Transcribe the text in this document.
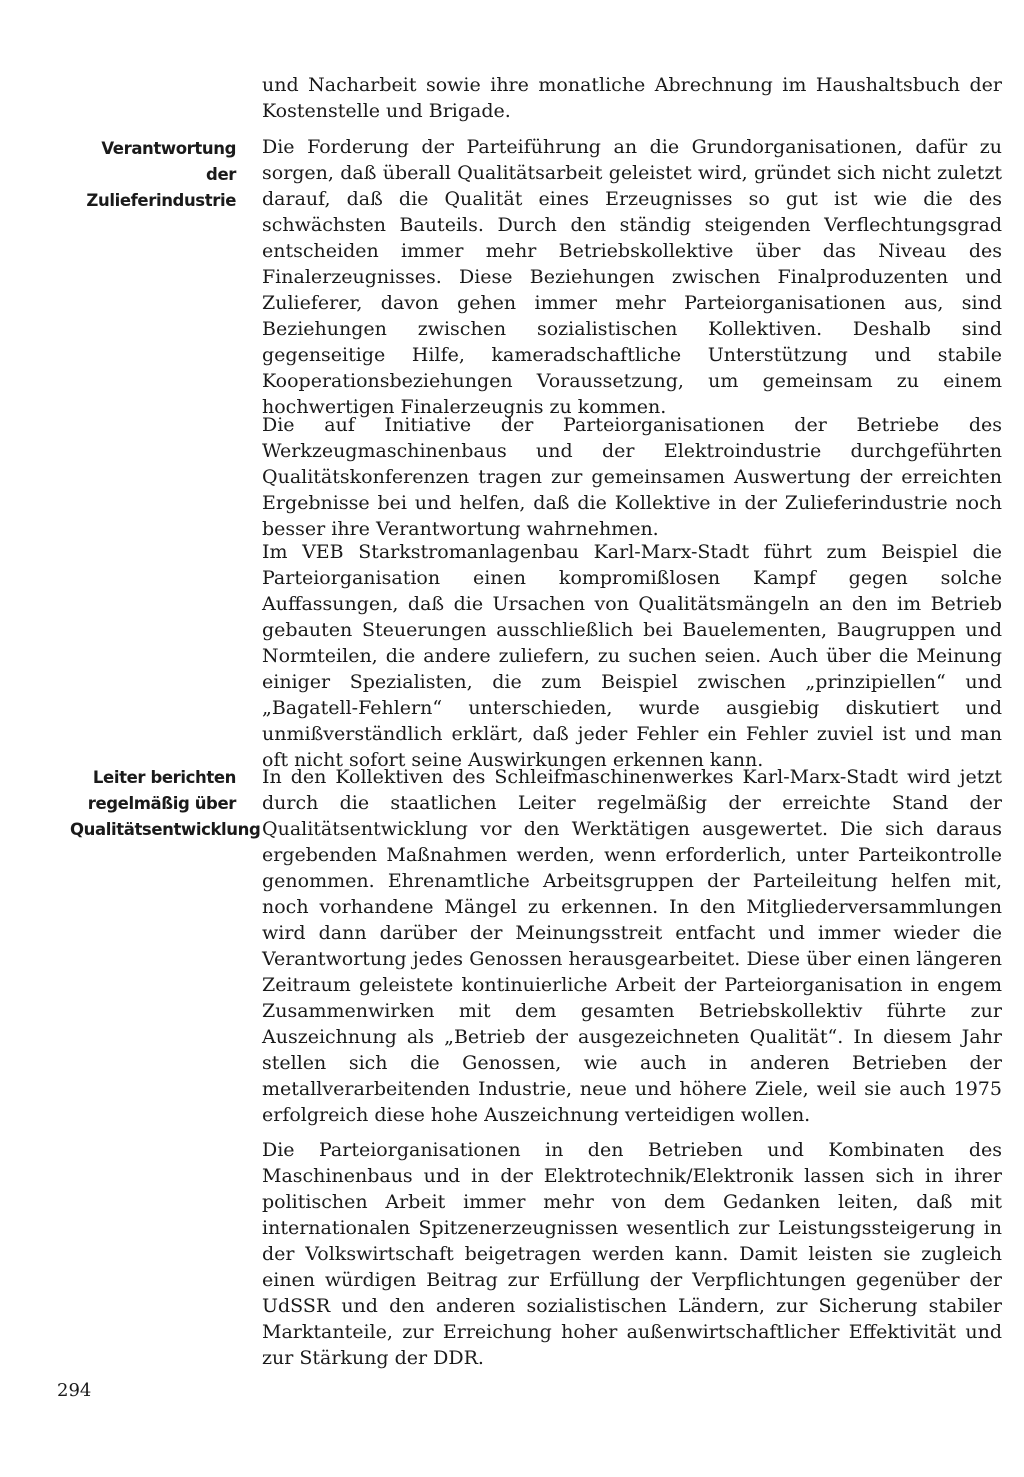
und Nacharbeit sowie ihre monatliche Abrechnung im Haushaltsbuch der Kostenstelle und Brigade.

Verantwortung der
Zulieferindustrie

Die Forderung der Parteiführung an die Grundorganisationen, dafür zu sorgen, daß überall Qualitätsarbeit geleistet wird, gründet sich nicht zuletzt darauf, daß die Qualität eines Erzeugnisses so gut ist wie die des schwächsten Bauteils. Durch den ständig steigenden Verflechtungsgrad entscheiden immer mehr Betriebskollektive über das Niveau des Finalerzeugnisses. Diese Beziehungen zwischen Finalproduzenten und Zulieferer, davon gehen immer mehr Parteiorganisationen aus, sind Beziehungen zwischen sozialistischen Kollektiven. Deshalb sind gegenseitige Hilfe, kameradschaftliche Unterstützung und stabile Kooperationsbeziehungen Voraussetzung, um gemeinsam zu einem hochwertigen Finalerzeugnis zu kommen.

Die auf Initiative der Parteiorganisationen der Betriebe des Werkzeugmaschinenbaus und der Elektroindustrie durchgeführten Qualitätskonferenzen tragen zur gemeinsamen Auswertung der erreichten Ergebnisse bei und helfen, daß die Kollektive in der Zulieferindustrie noch besser ihre Verantwortung wahrnehmen.

Im VEB Starkstromanlagenbau Karl-Marx-Stadt führt zum Beispiel die Parteiorganisation einen kompromißlosen Kampf gegen solche Auffassungen, daß die Ursachen von Qualitätsmängeln an den im Betrieb gebauten Steuerungen ausschließlich bei Bauelementen, Baugruppen und Normteilen, die andere zuliefern, zu suchen seien. Auch über die Meinung einiger Spezialisten, die zum Beispiel zwischen „prinzipiellen“ und „Bagatell-Fehlern“ unterschieden, wurde ausgiebig diskutiert und unmißverständlich erklärt, daß jeder Fehler ein Fehler zuviel ist und man oft nicht sofort seine Auswirkungen erkennen kann.

Leiter berichten
regelmäßig über
Qualitätsentwicklung

In den Kollektiven des Schleifmaschinenwerkes Karl-Marx-Stadt wird jetzt durch die staatlichen Leiter regelmäßig der erreichte Stand der Qualitätsentwicklung vor den Werktätigen ausgewertet. Die sich daraus ergebenden Maßnahmen werden, wenn erforderlich, unter Parteikontrolle genommen. Ehrenamtliche Arbeitsgruppen der Parteileitung helfen mit, noch vorhandene Mängel zu erkennen. In den Mitgliederversammlungen wird dann darüber der Meinungsstreit entfacht und immer wieder die Verantwortung jedes Genossen herausgearbeitet. Diese über einen längeren Zeitraum geleistete kontinuierliche Arbeit der Parteiorganisation in engem Zusammenwirken mit dem gesamten Betriebskollektiv führte zur Auszeichnung als „Betrieb der ausgezeichneten Qualität“. In diesem Jahr stellen sich die Genossen, wie auch in anderen Betrieben der metallverarbeitenden Industrie, neue und höhere Ziele, weil sie auch 1975 erfolgreich diese hohe Auszeichnung verteidigen wollen.

Die Parteiorganisationen in den Betrieben und Kombinaten des Maschinenbaus und in der Elektrotechnik/Elektronik lassen sich in ihrer politischen Arbeit immer mehr von dem Gedanken leiten, daß mit internationalen Spitzenerzeugnissen wesentlich zur Leistungssteigerung in der Volkswirtschaft beigetragen werden kann. Damit leisten sie zugleich einen würdigen Beitrag zur Erfüllung der Verpflichtungen gegenüber der UdSSR und den anderen sozialistischen Ländern, zur Sicherung stabiler Marktanteile, zur Erreichung hoher außenwirtschaftlicher Effektivität und zur Stärkung der DDR.

294
